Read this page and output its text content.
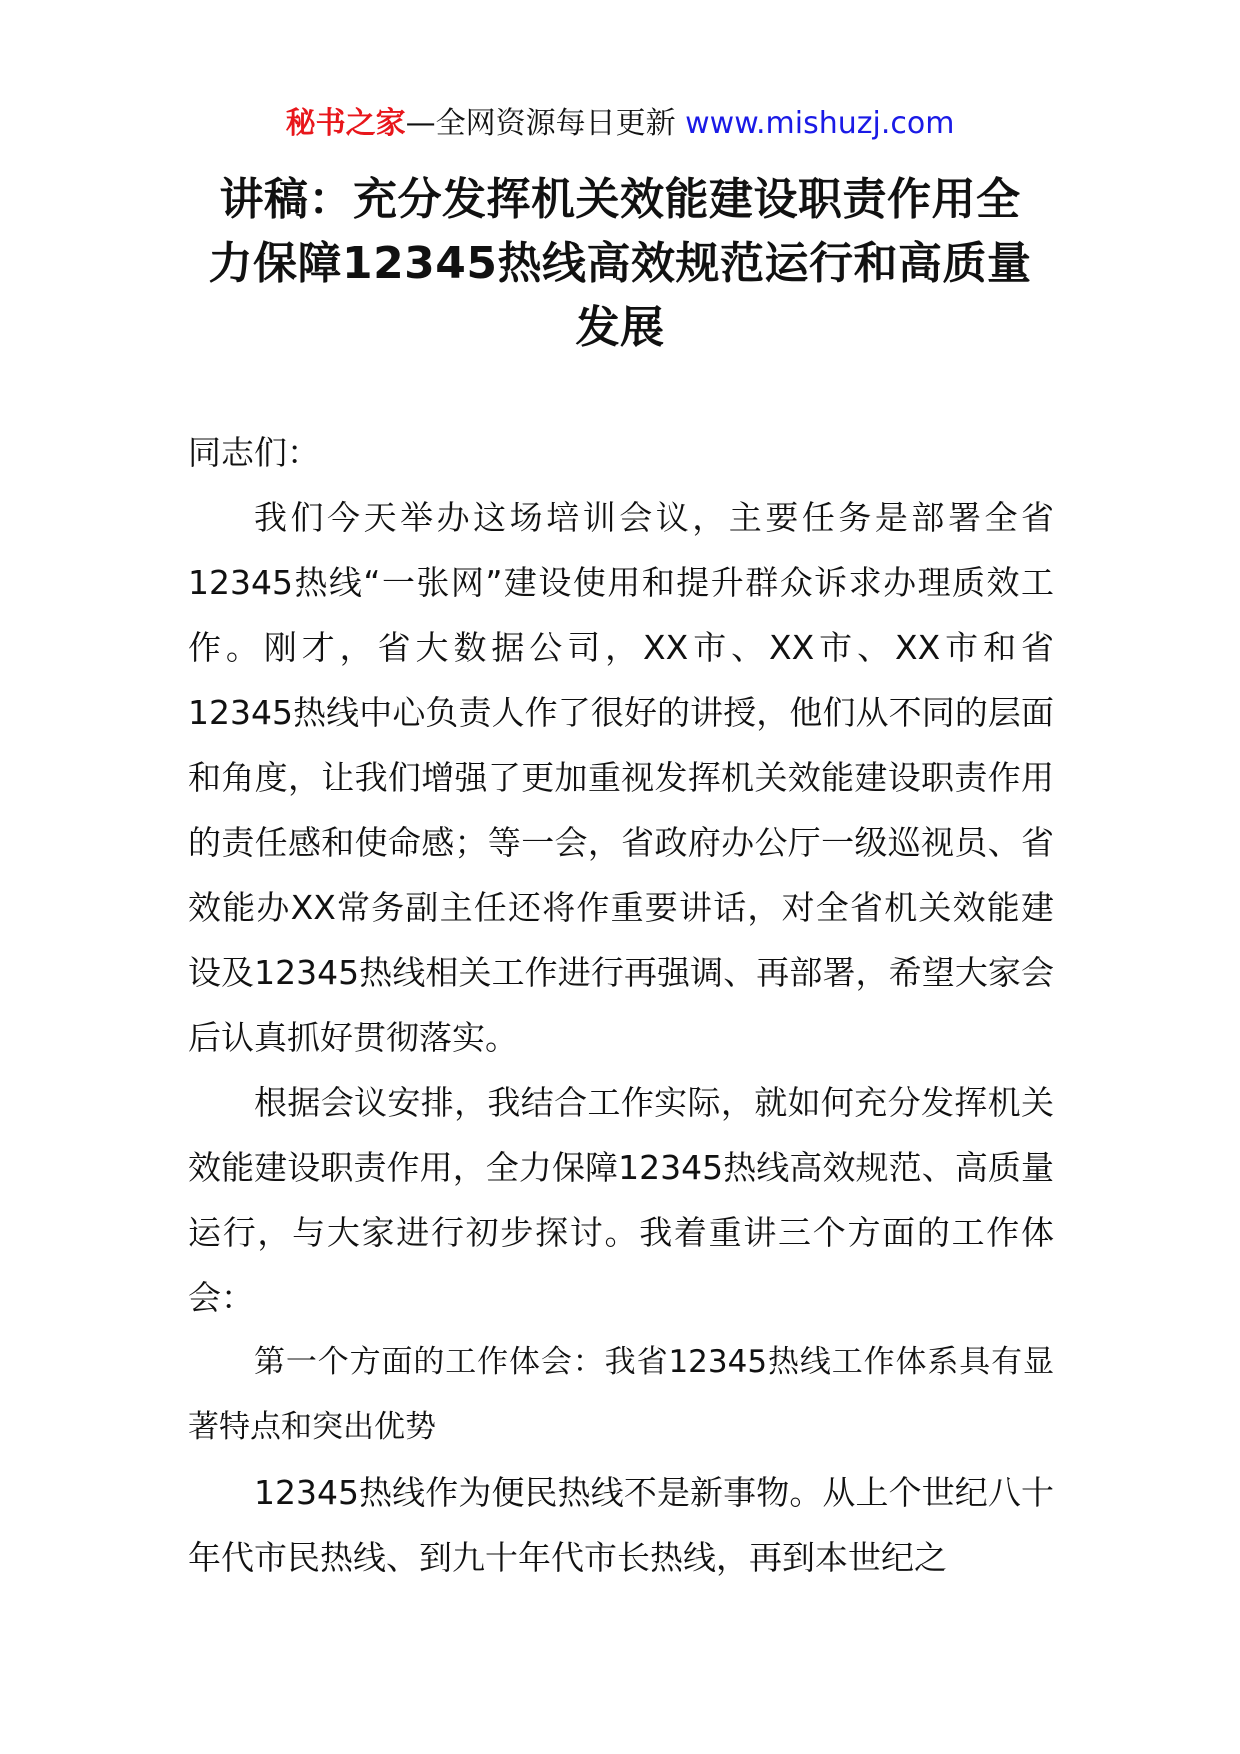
秘书之家—全网资源每日更新 www.mishuzj.com
讲稿：充分发挥机关效能建设职责作用全力保障12345热线高效规范运行和高质量发展

同志们：

我们今天举办这场培训会议，主要任务是部署全省12345热线“一张网”建设使用和提升群众诉求办理质效工作。刚才，省大数据公司，XX市、XX市、XX市和省12345热线中心负责人作了很好的讲授，他们从不同的层面和角度，让我们增强了更加重视发挥机关效能建设职责作用的责任感和使命感；等一会，省政府办公厅一级巡视员、省效能办XX常务副主任还将作重要讲话，对全省机关效能建设及12345热线相关工作进行再强调、再部署，希望大家会后认真抓好贯彻落实。

根据会议安排，我结合工作实际，就如何充分发挥机关效能建设职责作用，全力保障12345热线高效规范、高质量运行，与大家进行初步探讨。我着重讲三个方面的工作体会：

第一个方面的工作体会：我省12345热线工作体系具有显著特点和突出优势

12345热线作为便民热线不是新事物。从上个世纪八十年代市民热线、到九十年代市长热线，再到本世纪之
